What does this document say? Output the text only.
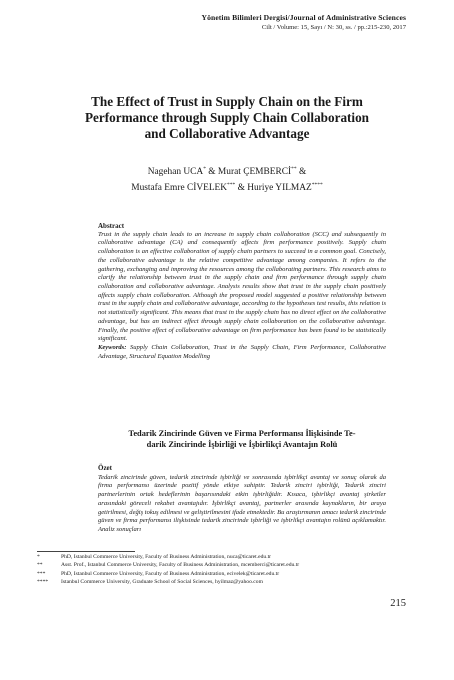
Yönetim Bilimleri Dergisi/Journal of Administrative Sciences
Cilt / Volume: 15, Sayı / N: 30, ss. / pp.:215-230, 2017
The Effect of Trust in Supply Chain on the Firm
Performance through Supply Chain Collaboration
and Collaborative Advantage
Nagehan UCA* & Murat ÇEMBERCİ** &
Mustafa Emre CİVELEK*** & Huriye YILMAZ****
Abstract
Trust in the supply chain leads to an increase in supply chain collaboration (SCC) and subsequently in collaborative advantage (CA) and consequently affects firm performance positively. Supply chain collaboration is an effective collaboration of supply chain partners to succeed in a common goal. Concisely, the collaborative advantage is the relative competitive advantage among companies. It refers to the gathering, exchanging and improving the resources among the collaborating partners. This research aims to clarify the relationship between trust in the supply chain and firm performance through supply chain collaboration and collaborative advantage. Analysis results show that trust in the supply chain positively affects supply chain collaboration. Although the proposed model suggested a positive relationship between trust in the supply chain and collaborative advantage, according to the hypotheses test results, this relation is not statistically significant. This means that trust in the supply chain has no direct effect on the collaborative advantage, but has an indirect effect through supply chain collaboration on the collaborative advantage. Finally, the positive effect of collaborative advantage on firm performance has been found to be statistically significant.
Keywords: Supply Chain Collaboration, Trust in the Supply Chain, Firm Performance, Collaborative Advantage, Structural Equation Modelling
Tedarik Zincirinde Güven ve Firma Performansı İlişkisinde Te-
darik Zincirinde İşbirliği ve İşbirlikçi Avantajın Rolü
Özet
Tedarik zincirinde güven, tedarik zincirinde işbirliği ve sonrasında işbirlikçi avantaj ve sonuç olarak da firma performansı üzerinde pozitif yönde etkiye sahiptir. Tedarik zinciri işbirliği, Tedarik zinciri partnerlerinin ortak hedeflerinin başarısındaki etkin işbirliğidir. Kısaca, işbirlikçi avantaj şirketler arasındaki göreceli rekabet avantajıdır. İşbirlikçi avantaj, partnerler arasında kaynakların, bir araya getirilmesi, değiş tokuş edilmesi ve geliştirilmesini ifade etmektedir. Bu araştırmanın amacı tedarik zincirinde güven ve firma performansı ilişkisinde tedarik zincirinde işbirliği ve işbirlikçi avantajın rolünü açıklamaktır. Analiz sonuçları
*	PhD, Istanbul Commerce University, Faculty of Business Administration, nuca@ticaret.edu.tr
**	Asst. Prof., Istanbul Commerce University, Faculty of Business Administration, mcemberci@ticaret.edu.tr
***	PhD, Istanbul Commerce University, Faculty of Business Administration, ecivelek@ticaret.edu.tr
****	Istanbul Commerce University, Graduate School of Social Sciences, hyilmaz@yahoo.com
215
